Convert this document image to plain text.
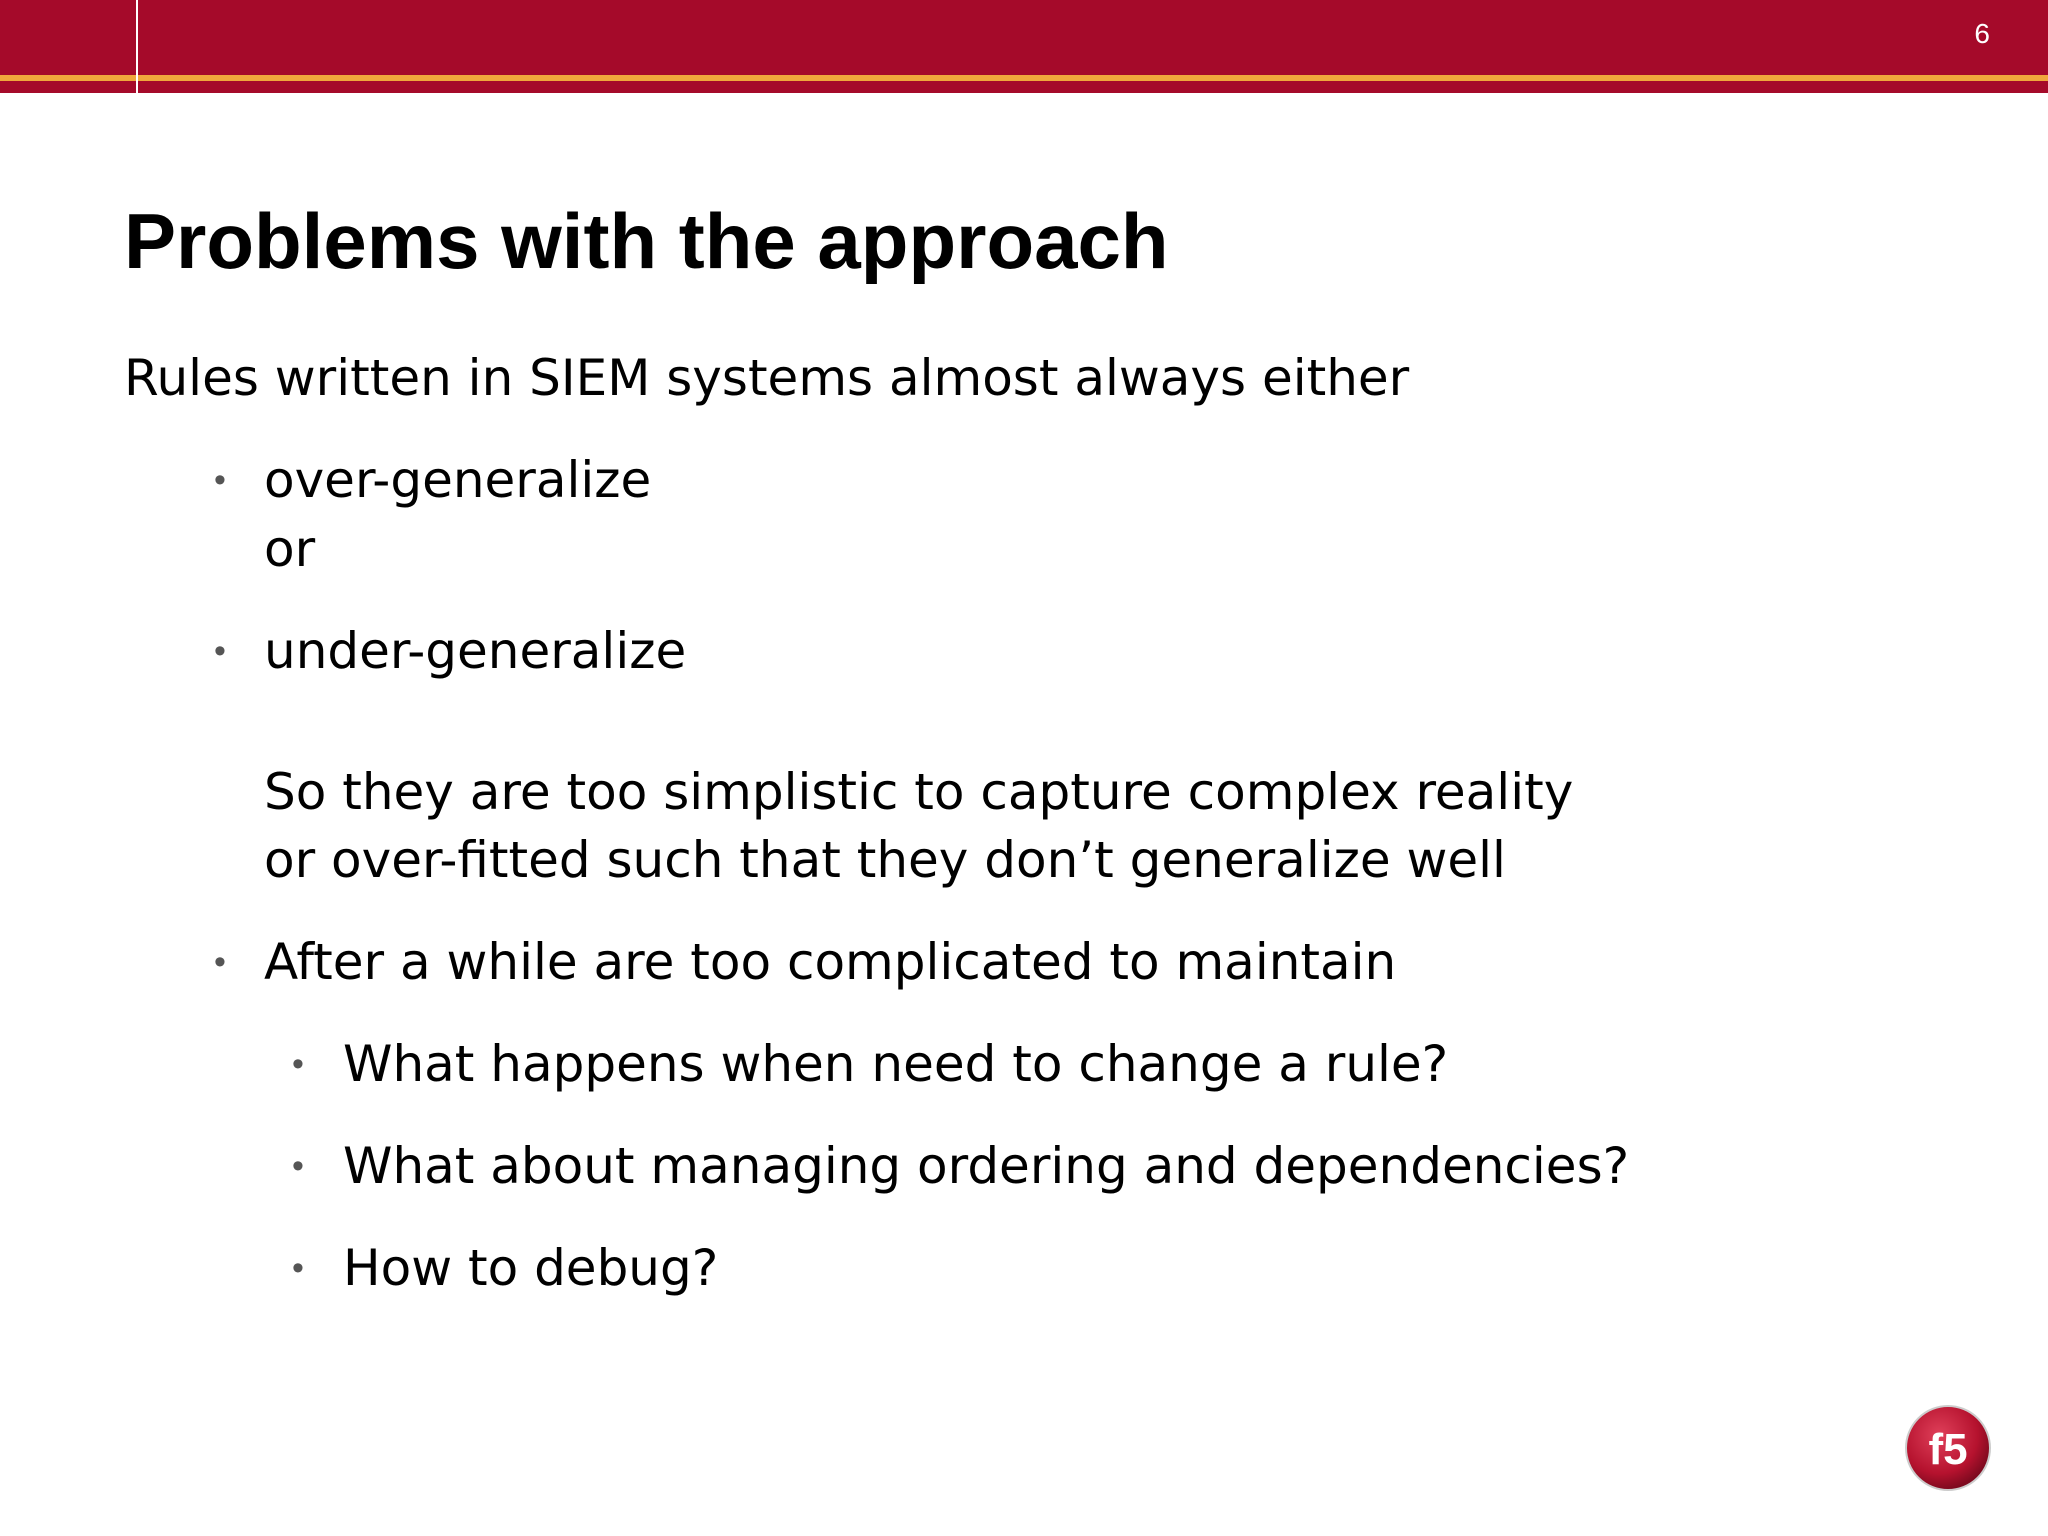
6
Problems with the approach
Rules written in SIEM systems almost always either
• over-generalize
or
• under-generalize
So they are too simplistic to capture complex reality
or over-fitted such that they don’t generalize well
• After a while are too complicated to maintain
• What happens when need to change a rule?
• What about managing ordering and dependencies?
• How to debug?
f5
